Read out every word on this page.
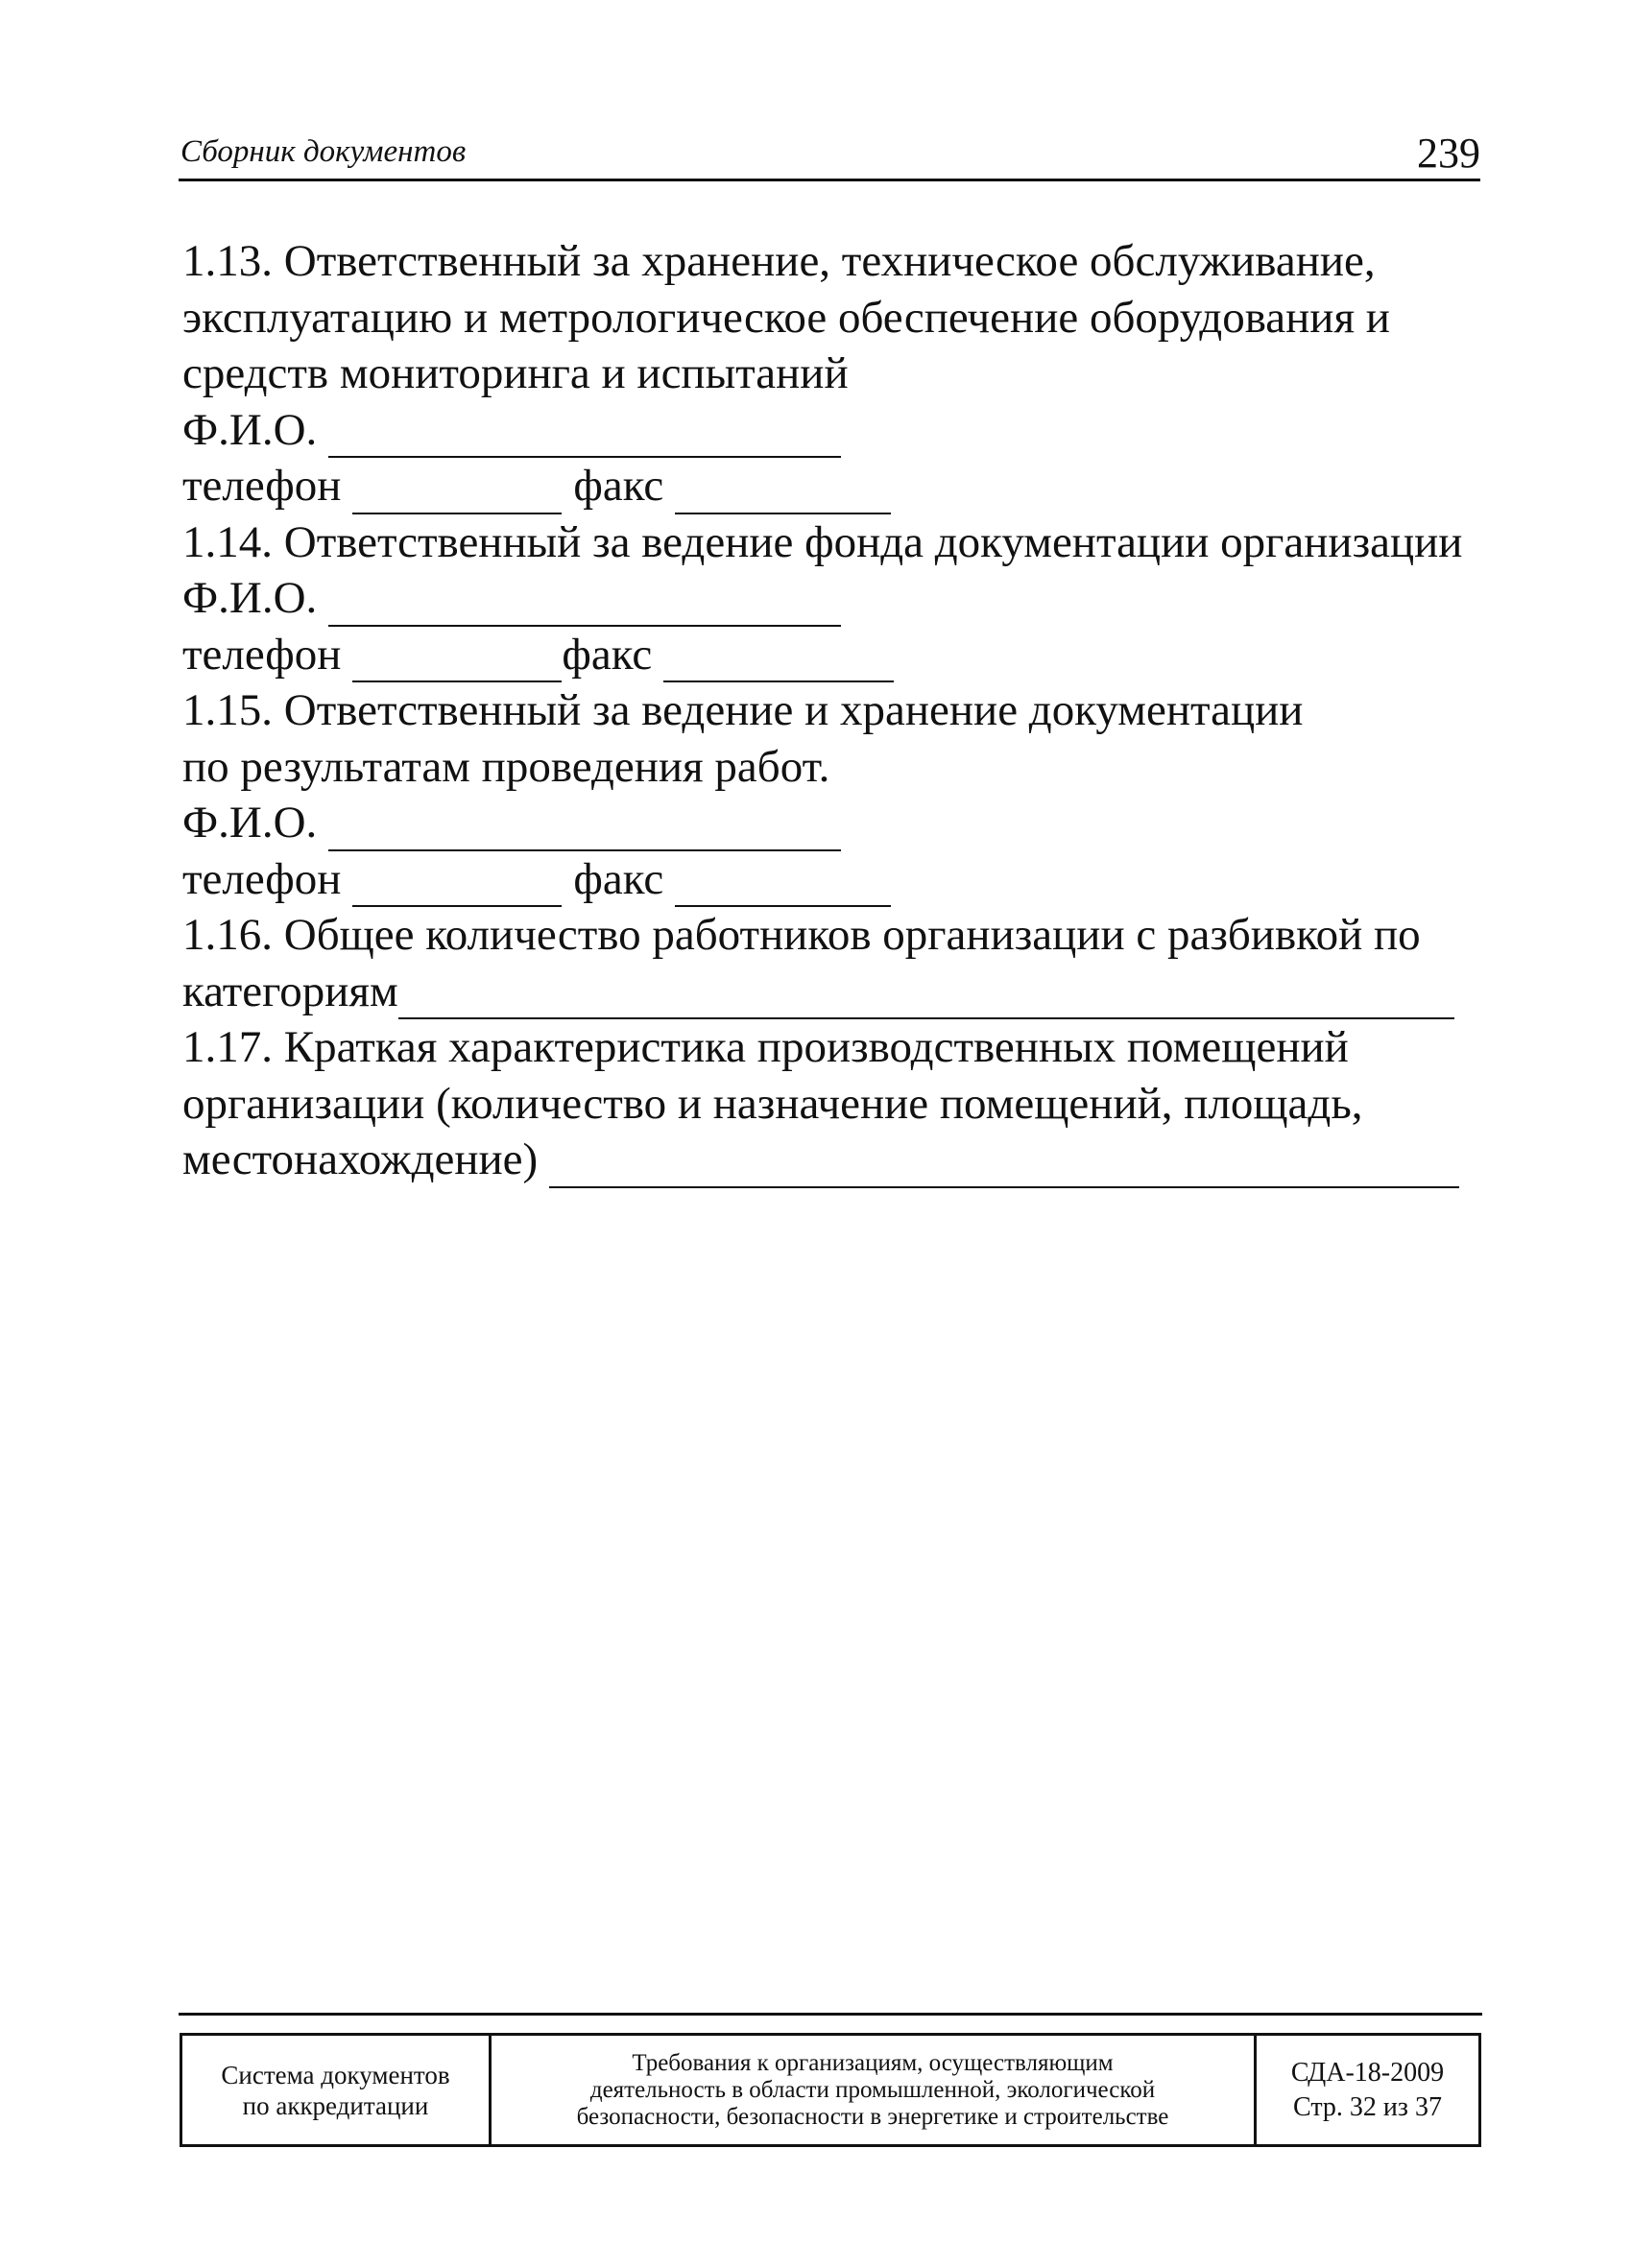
Сборник документов	239
1.13. Ответственный за хранение, техническое обслуживание,
эксплуатацию и метрологическое обеспечение оборудования и
средств мониторинга и испытаний
Ф.И.О.
телефон	факс
1.14. Ответственный за ведение фонда документации организации
Ф.И.О.
телефон	факс
1.15. Ответственный за ведение и хранение документации
по результатам проведения работ.
Ф.И.О.
телефон	факс
1.16. Общее количество работников организации с разбивкой по
категориям
1.17. Краткая характеристика производственных помещений
организации (количество и назначение помещений, площадь,
местонахождение)
Система документов
по аккредитации
Требования к организациям, осуществляющим
деятельность в области промышленной, экологической
безопасности, безопасности в энергетике и строительстве
СДА-18-2009
Стр. 32 из 37
